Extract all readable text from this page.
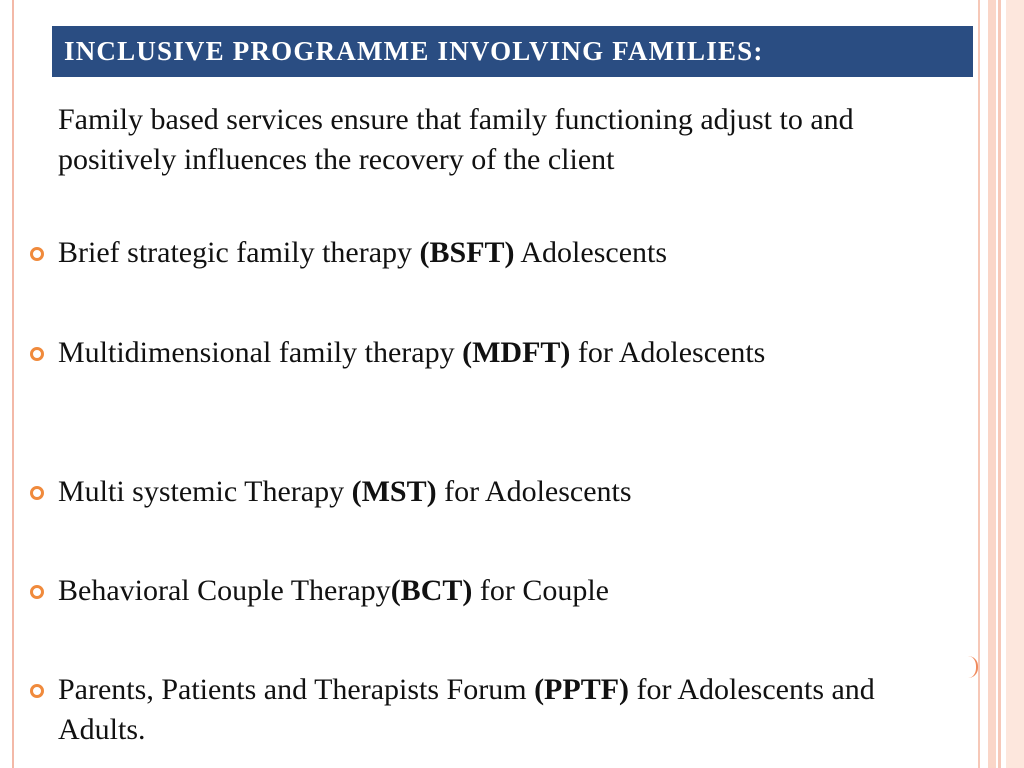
INCLUSIVE PROGRAMME INVOLVING FAMILIES:
Family based services ensure that family functioning adjust to and positively influences the recovery of the client
Brief strategic family therapy (BSFT) Adolescents
Multidimensional family therapy (MDFT) for Adolescents
Multi systemic Therapy (MST) for Adolescents
Behavioral Couple Therapy(BCT) for Couple
Parents, Patients and Therapists Forum (PPTF) for Adolescents and Adults.
